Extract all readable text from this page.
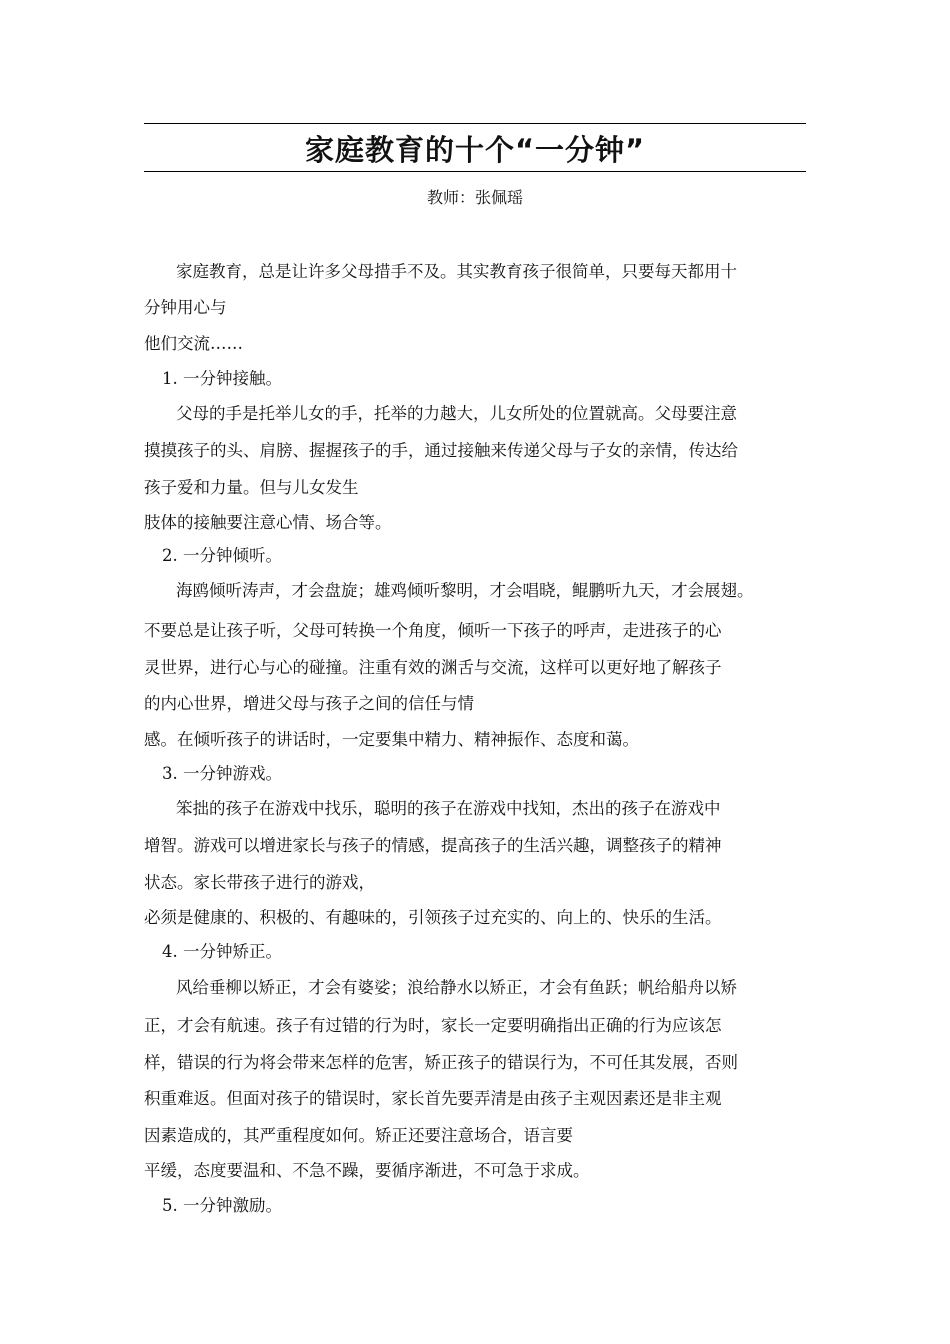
家庭教育的十个“一分钟”
教师：张佩瑶
家庭教育，总是让许多父母措手不及。其实教育孩子很简单，只要每天都用十
分钟用心与
他们交流……
1. 一分钟接触。
父母的手是托举儿女的手，托举的力越大，儿女所处的位置就高。父母要注意
摸摸孩子的头、肩膀、握握孩子的手，通过接触来传递父母与子女的亲情，传达给
孩子爱和力量。但与儿女发生
肢体的接触要注意心情、场合等。
2. 一分钟倾听。
海鸥倾听涛声，才会盘旋；雄鸡倾听黎明，才会唱晓，鲲鹏听九天，才会展翅。
不要总是让孩子听，父母可转换一个角度，倾听一下孩子的呼声，走进孩子的心
灵世界，进行心与心的碰撞。注重有效的渊舌与交流，这样可以更好地了解孩子
的内心世界，增进父母与孩子之间的信任与情
感。在倾听孩子的讲话时，一定要集中精力、精神振作、态度和蔼。
3. 一分钟游戏。
笨拙的孩子在游戏中找乐，聪明的孩子在游戏中找知，杰出的孩子在游戏中
增智。游戏可以增进家长与孩子的情感，提高孩子的生活兴趣，调整孩子的精神
状态。家长带孩子进行的游戏，
必须是健康的、积极的、有趣味的，引领孩子过充实的、向上的、快乐的生活。
4. 一分钟矫正。
风给垂柳以矫正，才会有婆娑；浪给静水以矫正，才会有鱼跃；帆给船舟以矫
正，才会有航速。孩子有过错的行为时，家长一定要明确指出正确的行为应该怎
样，错误的行为将会带来怎样的危害，矫正孩子的错误行为，不可任其发展，否则
积重难返。但面对孩子的错误时，家长首先要弄清是由孩子主观因素还是非主观
因素造成的，其严重程度如何。矫正还要注意场合，语言要
平缓，态度要温和、不急不躁，要循序渐进，不可急于求成。
5. 一分钟激励。
